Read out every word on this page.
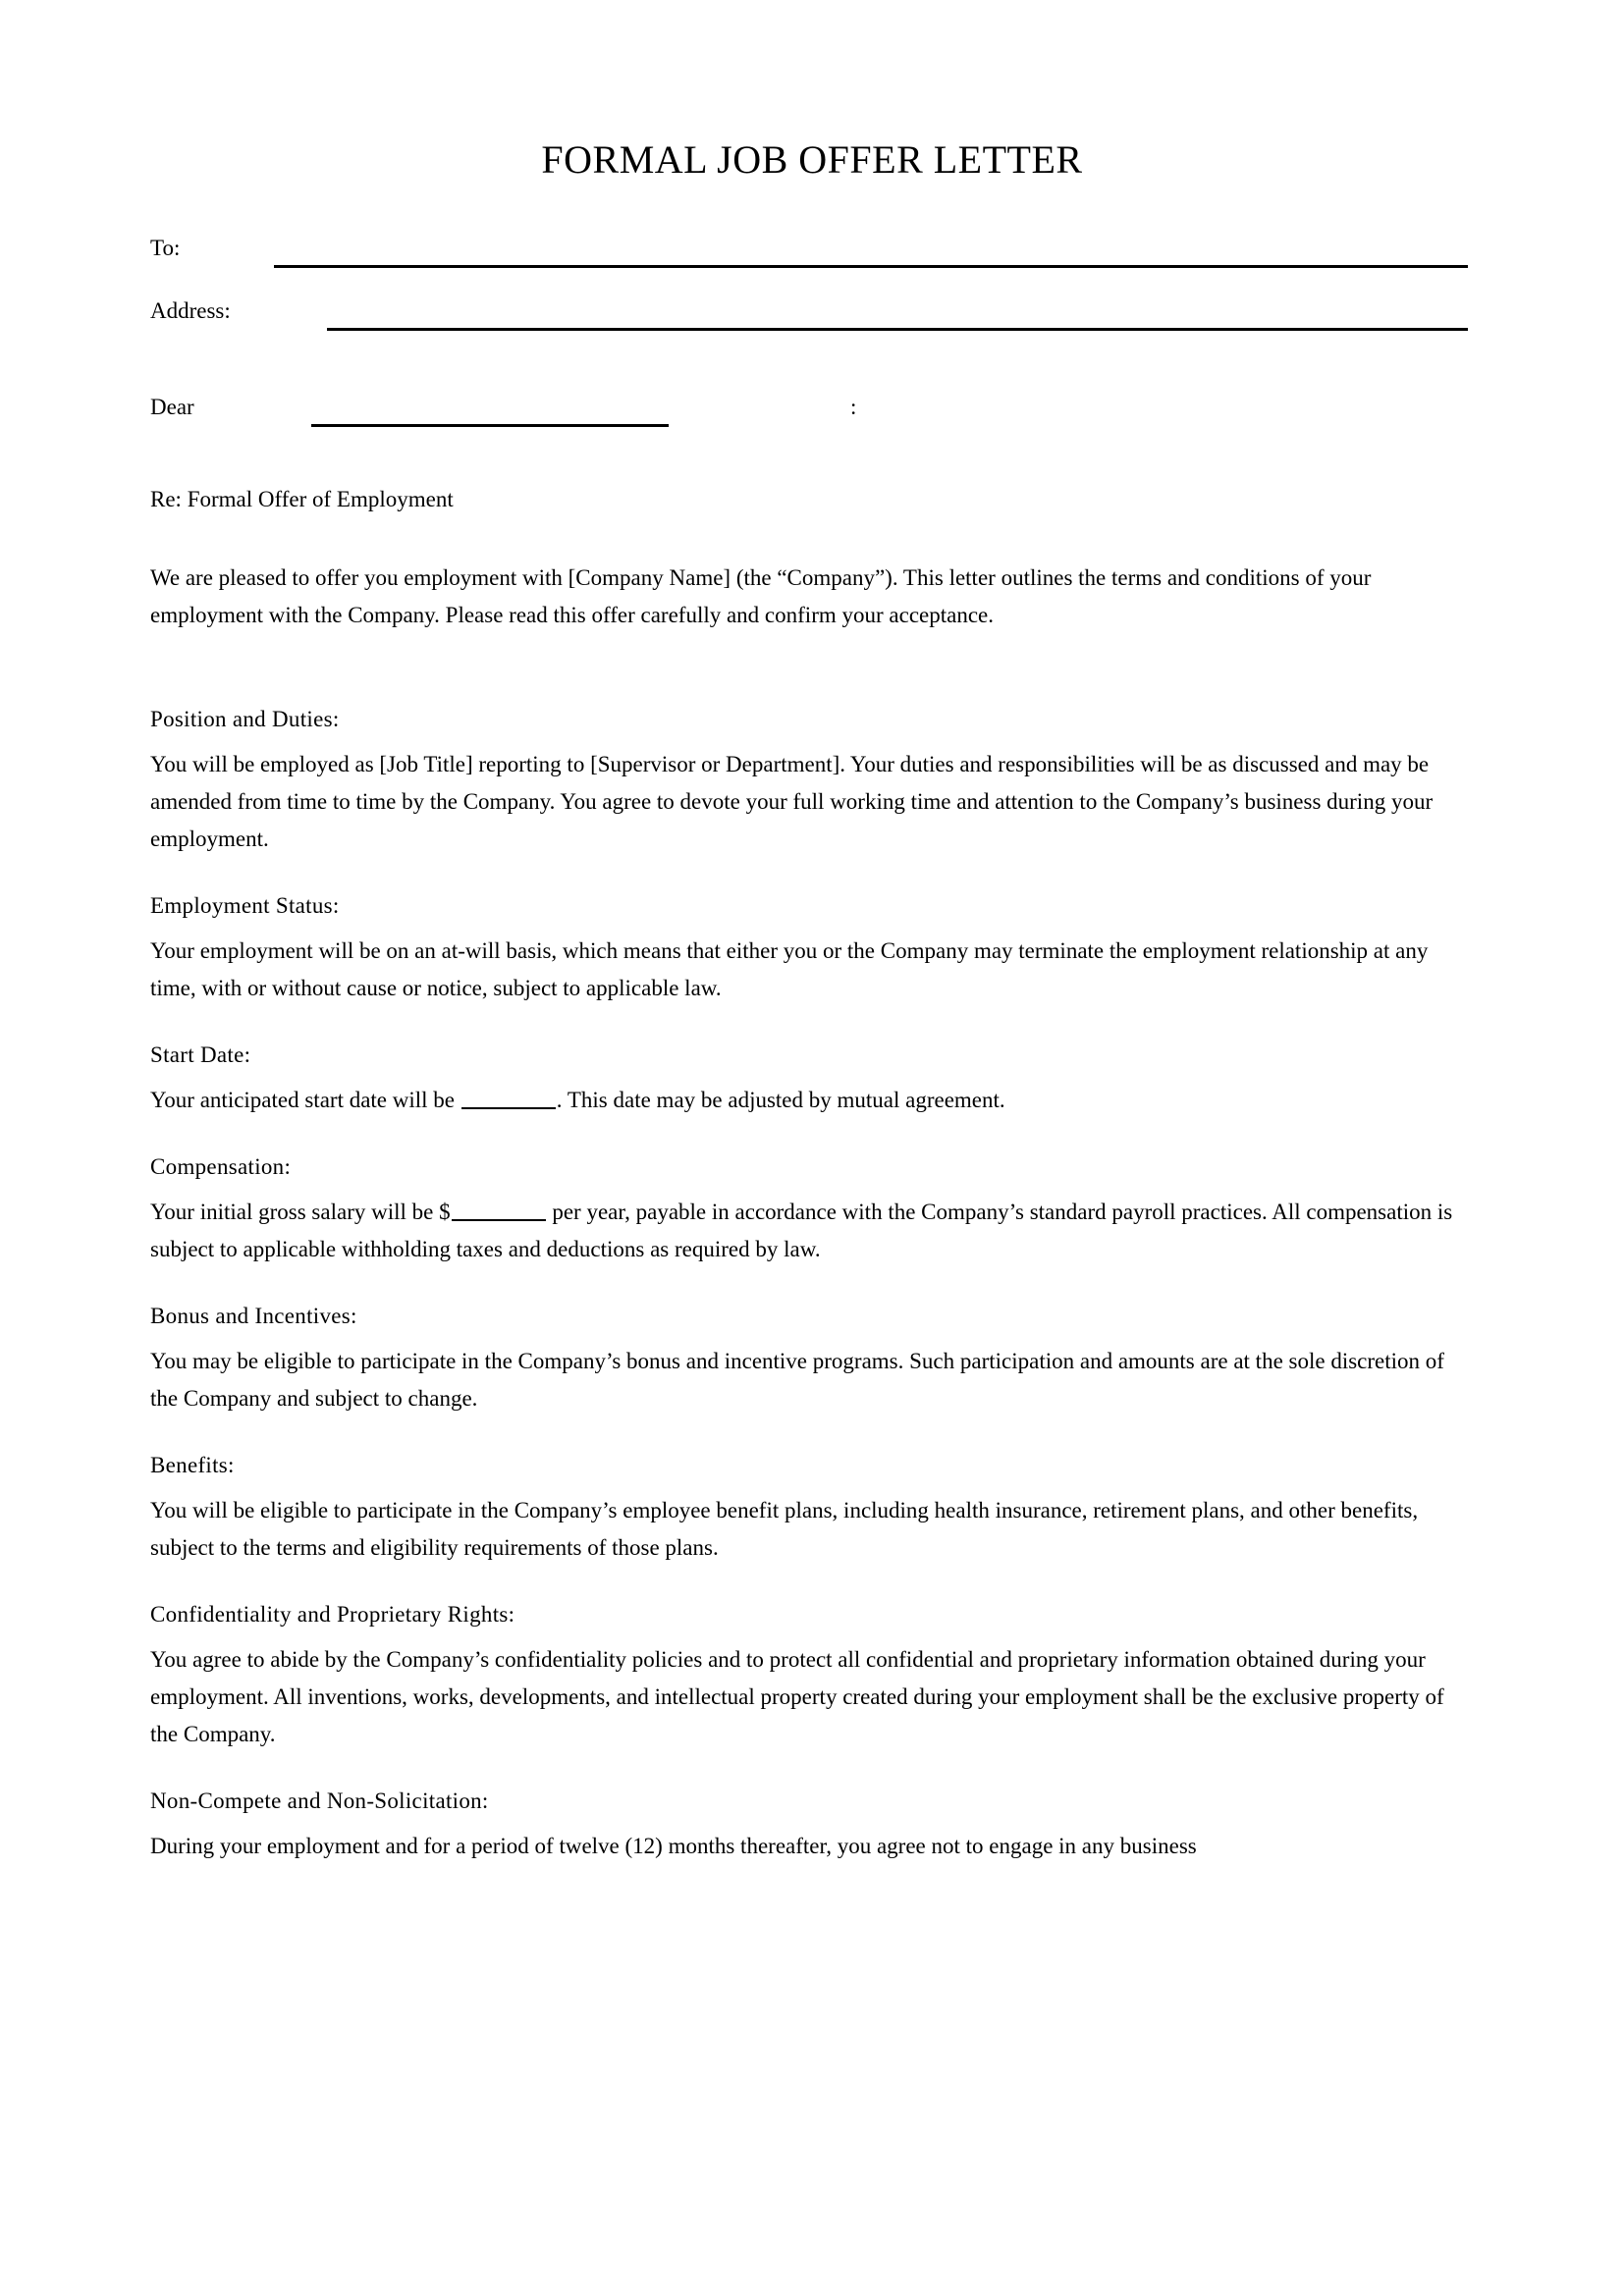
FORMAL JOB OFFER LETTER
To:
Address:
Dear	:

Re: Formal Offer of Employment

We are pleased to offer you employment with [Company Name] (the “Company”). This letter outlines the terms and conditions of your employment with the Company. Please read this offer carefully and confirm your acceptance.

Position and Duties:

You will be employed as [Job Title] reporting to [Supervisor or Department]. Your duties and responsibilities will be as discussed and may be amended from time to time by the Company. You agree to devote your full working time and attention to the Company’s business during your employment.

Employment Status:

Your employment will be on an at-will basis, which means that either you or the Company may terminate the employment relationship at any time, with or without cause or notice, subject to applicable law.

Start Date:

Your anticipated start date will be	. This date may be adjusted by mutual agreement.

Compensation:

Your initial gross salary will be $	per year, payable in accordance with the Company’s standard payroll practices. All compensation is subject to applicable withholding taxes and deductions as required by law.

Bonus and Incentives:

You may be eligible to participate in the Company’s bonus and incentive programs. Such participation and amounts are at the sole discretion of the Company and subject to change.

Benefits:

You will be eligible to participate in the Company’s employee benefit plans, including health insurance, retirement plans, and other benefits, subject to the terms and eligibility requirements of those plans.

Confidentiality and Proprietary Rights:

You agree to abide by the Company’s confidentiality policies and to protect all confidential and proprietary information obtained during your employment. All inventions, works, developments, and intellectual property created during your employment shall be the exclusive property of the Company.

Non-Compete and Non-Solicitation:

During your employment and for a period of twelve (12) months thereafter, you agree not to engage in any business
